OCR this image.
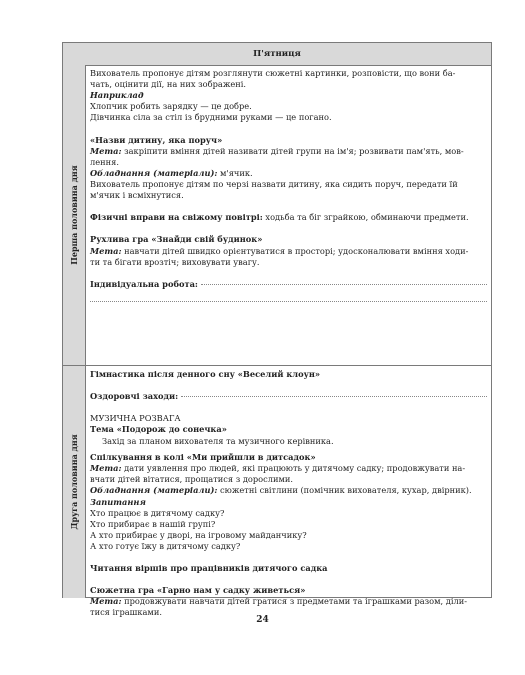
П'ятниця
Перша половина дня

Вихователь пропонує дітям розглянути сюжетні картинки, розповісти, що вони ба-

чать, оцінити дії, на них зображені.

Наприклад

Хлопчик робить зарядку — це добре.

Дівчинка сіла за стіл із брудними руками — це погано.

«Назви дитину, яка поруч»

Мета: закріпити вміння дітей називати дітей групи на ім'я; розвивати пам'ять, мов-

лення.

Обладнання (матеріали): м'ячик.

Вихователь пропонує дітям по черзі назвати дитину, яка сидить поруч, передати їй

м'ячик і всміхнутися.

Фізичні вправи на свіжому повітрі: ходьба та біг зграйкою, обминаючи предмети.

Рухлива гра «Знайди свій будинок»

Мета: навчати дітей швидко орієнтуватися в просторі; удосконалювати вміння ходи-

ти та бігати врозтіч; виховувати увагу.

Індивідуальна робота:
Друга половина дня

Гімнастика після денного сну «Веселий клоун»

Оздоровчі заходи:

МУЗИЧНА РОЗВАГА

Тема «Подорож до сонечка»

Захід за планом вихователя та музичного керівника.

Спілкування в колі «Ми прийшли в дитсадок»

Мета: дати уявлення про людей, які працюють у дитячому садку; продовжувати на-

вчати дітей вітатися, прощатися з дорослими.

Обладнання (матеріали): сюжетні світлини (помічник вихователя, кухар, двірник).

Запитання

Хто працює в дитячому садку?

Хто прибирає в нашій групі?

А хто прибирає у дворі, на ігровому майданчику?

А хто готує їжу в дитячому садку?

Читання віршів про працівників дитячого садка

Сюжетна гра «Гарно нам у садку живеться»

Мета: продовжувати навчати дітей гратися з предметами та іграшками разом, діли-

тися іграшками.

24
